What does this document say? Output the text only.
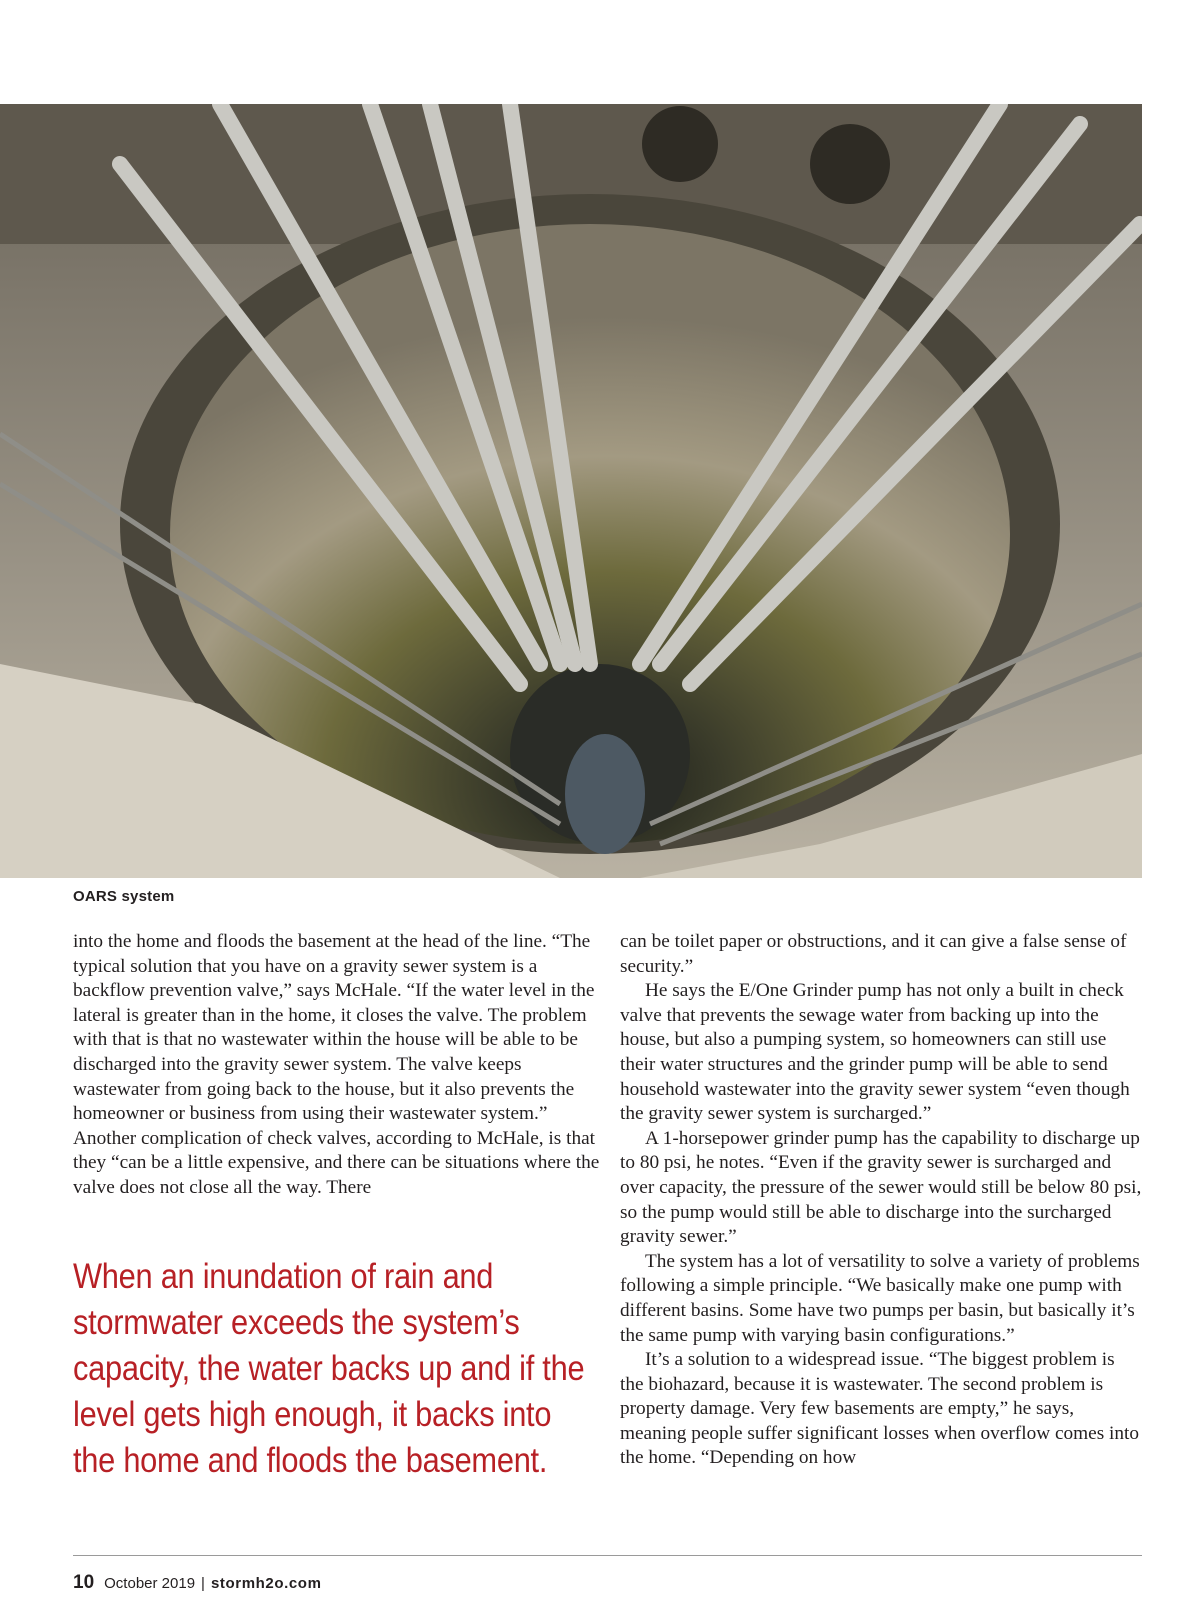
OARS system

into the home and floods the basement at the head of the line. “The typical solution that you have on a gravity sewer system is a backflow prevention valve,” says McHale. “If the water level in the lateral is greater than in the home, it closes the valve. The problem with that is that no wastewater within the house will be able to be discharged into the gravity sewer system. The valve keeps wastewater from going back to the house, but it also prevents the homeowner or business from using their wastewater system.” Another complication of check valves, according to McHale, is that they “can be a little expensive, and there can be situations where the valve does not close all the way. There

When an inundation of rain and stormwater exceeds the system’s capacity, the water backs up and if the level gets high enough, it backs into the home and floods the basement.

can be toilet paper or obstructions, and it can give a false sense of security.”

He says the E/One Grinder pump has not only a built in check valve that prevents the sewage water from backing up into the house, but also a pumping system, so homeowners can still use their water structures and the grinder pump will be able to send household wastewater into the gravity sewer system “even though the gravity sewer system is surcharged.”

A 1-horsepower grinder pump has the capability to discharge up to 80 psi, he notes. “Even if the gravity sewer is surcharged and over capacity, the pressure of the sewer would still be below 80 psi, so the pump would still be able to discharge into the surcharged gravity sewer.”

The system has a lot of versatility to solve a variety of problems following a simple principle. “We basically make one pump with different basins. Some have two pumps per basin, but basically it’s the same pump with varying basin configurations.”

It’s a solution to a widespread issue. “The biggest problem is the biohazard, because it is wastewater. The second problem is property damage. Very few basements are empty,” he says, meaning people suffer significant losses when overflow comes into the home. “Depending on how

10 October 2019 | stormh2o.com
